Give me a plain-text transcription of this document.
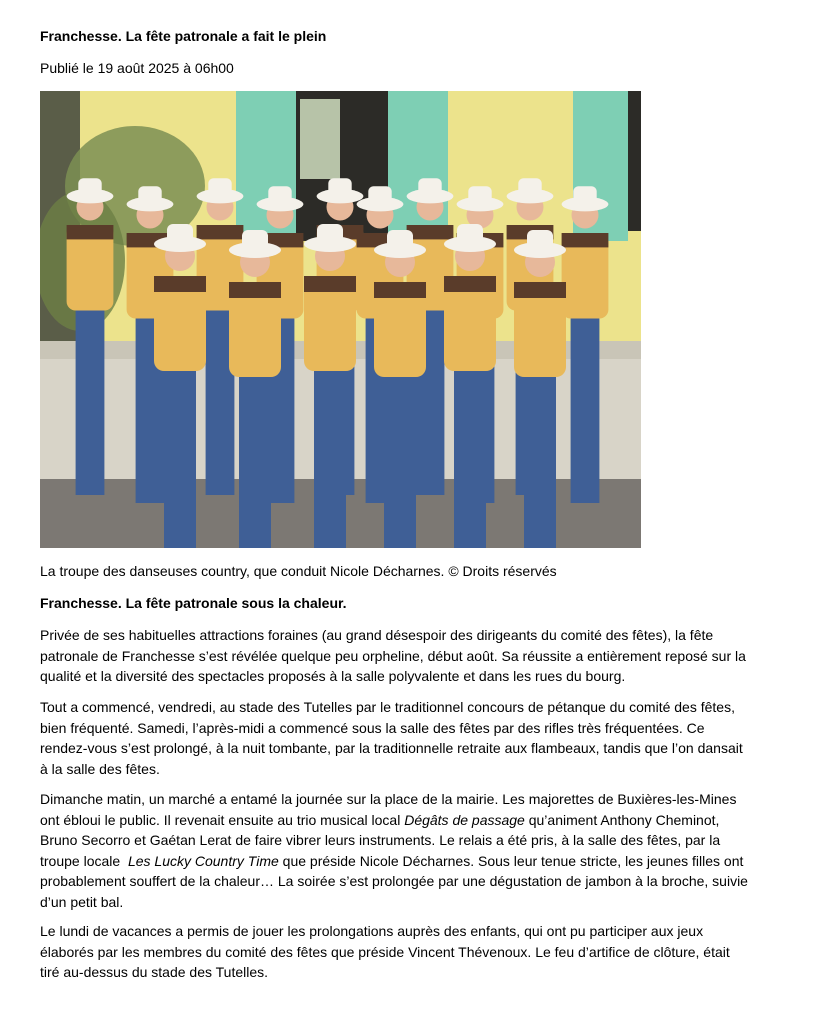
Franchesse. La fête patronale a fait le plein
Publié le 19 août 2025 à 06h00
La troupe des danseuses country, que conduit Nicole Décharnes. © Droits réservés
Franchesse. La fête patronale sous la chaleur.

Privée de ses habituelles attractions foraines (au grand désespoir des dirigeants du comité des fêtes), la fête
patronale de Franchesse s’est révélée quelque peu orpheline, début août. Sa réussite a entièrement reposé sur la
qualité et la diversité des spectacles proposés à la salle polyvalente et dans les rues du bourg.

Tout a commencé, vendredi, au stade des Tutelles par le traditionnel concours de pétanque du comité des fêtes,
bien fréquenté. Samedi, l’après-midi a commencé sous la salle des fêtes par des rifles très fréquentées. Ce
rendez-vous s’est prolongé, à la nuit tombante, par la traditionnelle retraite aux flambeaux, tandis que l’on dansait
à la salle des fêtes.

Dimanche matin, un marché a entamé la journée sur la place de la mairie. Les majorettes de Buxières-les-Mines
ont ébloui le public. Il revenait ensuite au trio musical local Dégâts de passage qu’animent Anthony Cheminot,
Bruno Secorro et Gaétan Lerat de faire vibrer leurs instruments. Le relais a été pris, à la salle des fêtes, par la
troupe locale  Les Lucky Country Time que préside Nicole Décharnes. Sous leur tenue stricte, les jeunes filles ont
probablement souffert de la chaleur… La soirée s’est prolongée par une dégustation de jambon à la broche, suivie
d’un petit bal.

Le lundi de vacances a permis de jouer les prolongations auprès des enfants, qui ont pu participer aux jeux
élaborés par les membres du comité des fêtes que préside Vincent Thévenoux. Le feu d’artifice de clôture, était
tiré au-dessus du stade des Tutelles.
